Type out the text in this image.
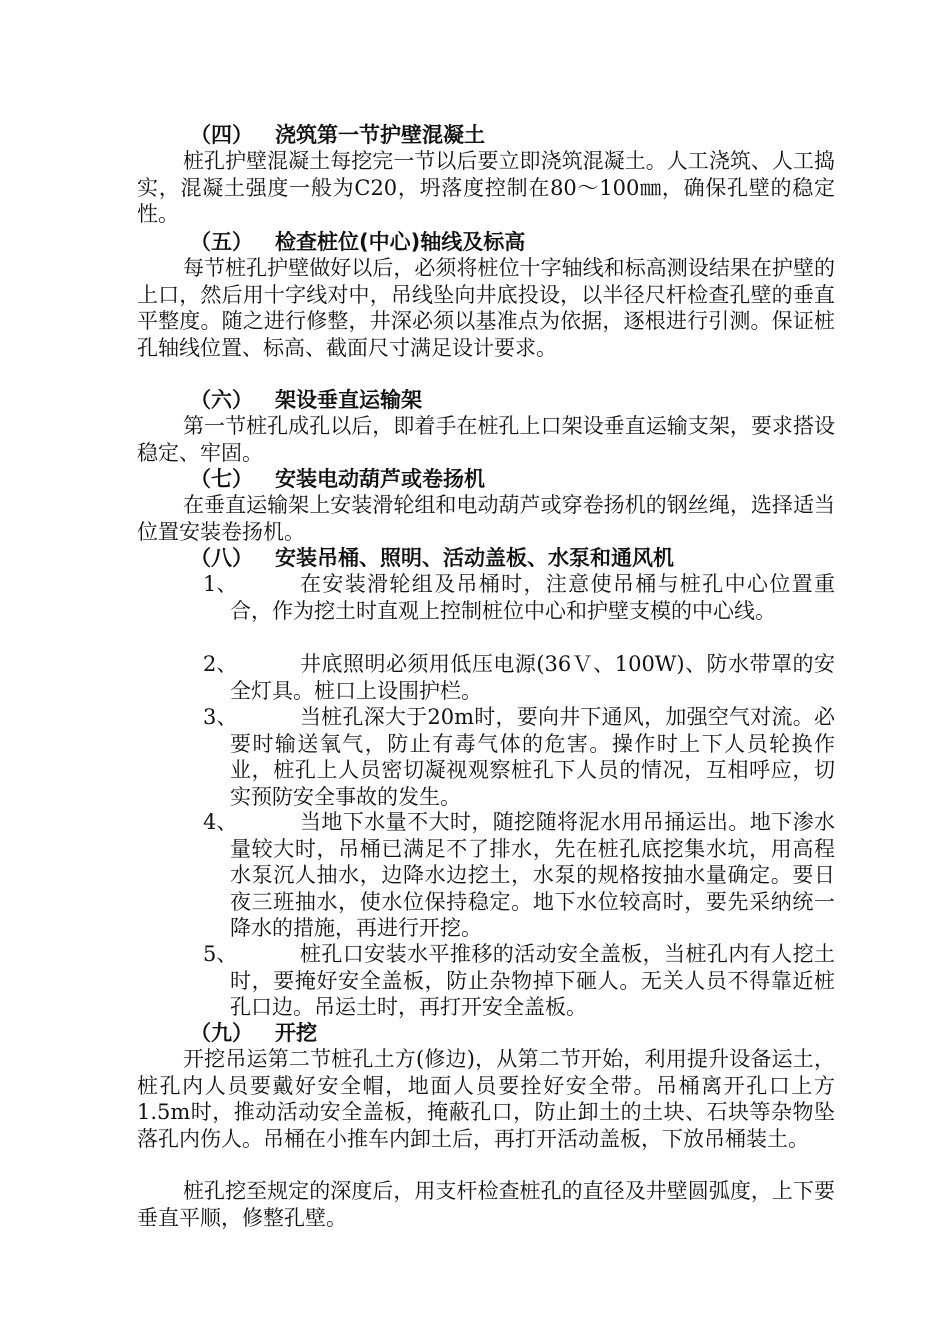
（四） 浇筑第一节护壁混凝土

桩孔护壁混凝土每挖完一节以后要立即浇筑混凝土。人工浇筑、人工捣实，混凝土强度一般为C20，坍落度控制在80～100㎜，确保孔壁的稳定性。

（五） 检查桩位(中心)轴线及标高

每节桩孔护壁做好以后，必须将桩位十字轴线和标高测设结果在护壁的上口，然后用十字线对中，吊线坠向井底投设，以半径尺杆检查孔壁的垂直平整度。随之进行修整，井深必须以基准点为依据，逐根进行引测。保证桩孔轴线位置、标高、截面尺寸满足设计要求。

（六） 架设垂直运输架

第一节桩孔成孔以后，即着手在桩孔上口架设垂直运输支架，要求搭设稳定、牢固。

（七） 安装电动葫芦或卷扬机

在垂直运输架上安装滑轮组和电动葫芦或穿卷扬机的钢丝绳，选择适当位置安装卷扬机。

（八） 安装吊桶、照明、活动盖板、水泵和通风机
1、	在安装滑轮组及吊桶时，注意使吊桶与桩孔中心位置重合，作为挖土时直观上控制桩位中心和护壁支模的中心线。

2、	井底照明必须用低压电源(36Ｖ、100W)、防水带罩的安全灯具。桩口上设围护栏。

3、	当桩孔深大于20m时，要向井下通风，加强空气对流。必要时输送氧气，防止有毒气体的危害。操作时上下人员轮换作业，桩孔上人员密切凝视观察桩孔下人员的情况，互相呼应，切实预防安全事故的发生。

4、	当地下水量不大时，随挖随将泥水用吊捅运出。地下渗水量较大时，吊桶已满足不了排水，先在桩孔底挖集水坑，用高程水泵沉人抽水，边降水边挖土，水泵的规格按抽水量确定。要日夜三班抽水，使水位保持稳定。地下水位较高时，要先采纳统一降水的措施，再进行开挖。

5、	桩孔口安装水平推移的活动安全盖板，当桩孔内有人挖土时，要掩好安全盖板，防止杂物掉下砸人。无关人员不得靠近桩孔口边。吊运土时，再打开安全盖板。

（九） 开挖

开挖吊运第二节桩孔土方(修边)，从第二节开始，利用提升设备运土，桩孔内人员要戴好安全帽，地面人员要拴好安全带。吊桶离开孔口上方1.5m时，推动活动安全盖板，掩蔽孔口，防止卸土的土块、石块等杂物坠落孔内伤人。吊桶在小推车内卸土后，再打开活动盖板，下放吊桶装土。

桩孔挖至规定的深度后，用支杆检查桩孔的直径及井壁圆弧度，上下要垂直平顺，修整孔壁。
